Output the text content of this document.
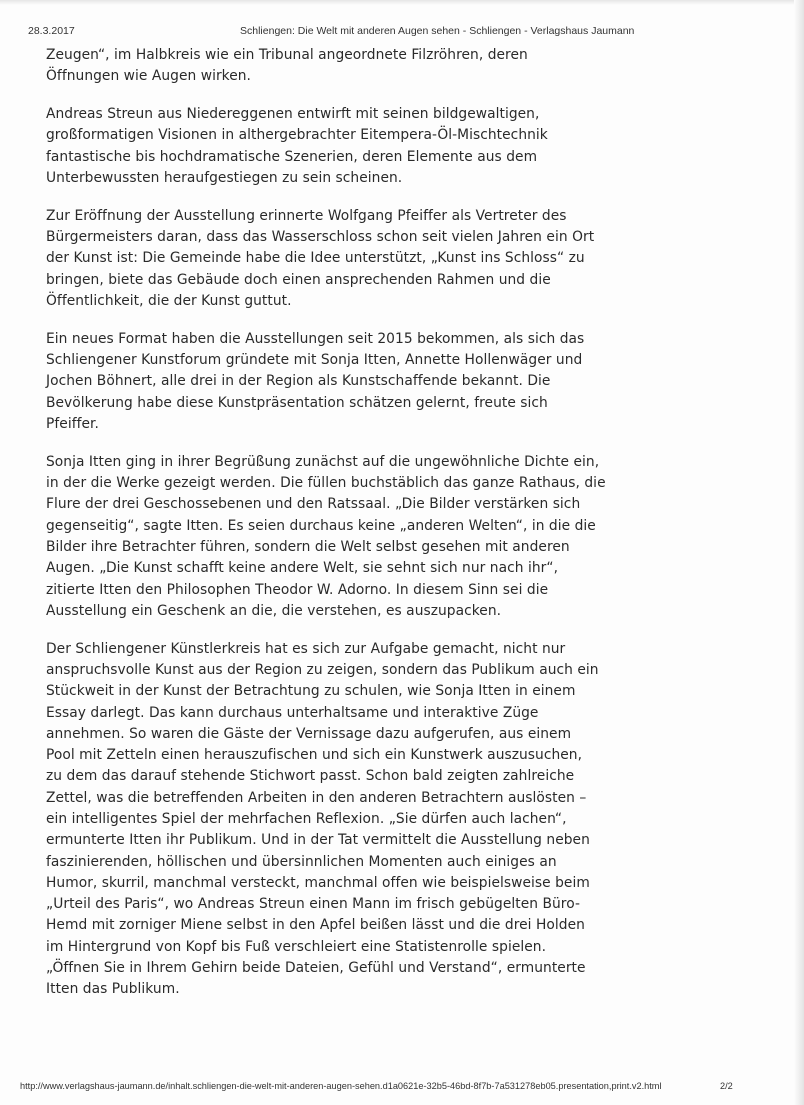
28.3.2017	Schliengen: Die Welt mit anderen Augen sehen - Schliengen - Verlagshaus Jaumann
Zeugen“, im Halbkreis wie ein Tribunal angeordnete Filzröhren, deren
Öffnungen wie Augen wirken.
Andreas Streun aus Niedereggenen entwirft mit seinen bildgewaltigen,
großformatigen Visionen in althergebrachter Eitempera-Öl-Mischtechnik
fantastische bis hochdramatische Szenerien, deren Elemente aus dem
Unterbewussten heraufgestiegen zu sein scheinen.
Zur Eröffnung der Ausstellung erinnerte Wolfgang Pfeiffer als Vertreter des
Bürgermeisters daran, dass das Wasserschloss schon seit vielen Jahren ein Ort
der Kunst ist: Die Gemeinde habe die Idee unterstützt, „Kunst ins Schloss“ zu
bringen, biete das Gebäude doch einen ansprechenden Rahmen und die
Öffentlichkeit, die der Kunst guttut.
Ein neues Format haben die Ausstellungen seit 2015 bekommen, als sich das
Schliengener Kunstforum gründete mit Sonja Itten, Annette Hollenwäger und
Jochen Böhnert, alle drei in der Region als Kunstschaffende bekannt. Die
Bevölkerung habe diese Kunstpräsentation schätzen gelernt, freute sich
Pfeiffer.
Sonja Itten ging in ihrer Begrüßung zunächst auf die ungewöhnliche Dichte ein,
in der die Werke gezeigt werden. Die füllen buchstäblich das ganze Rathaus, die
Flure der drei Geschossebenen und den Ratssaal. „Die Bilder verstärken sich
gegenseitig“, sagte Itten. Es seien durchaus keine „anderen Welten“, in die die
Bilder ihre Betrachter führen, sondern die Welt selbst gesehen mit anderen
Augen. „Die Kunst schafft keine andere Welt, sie sehnt sich nur nach ihr“,
zitierte Itten den Philosophen Theodor W. Adorno. In diesem Sinn sei die
Ausstellung ein Geschenk an die, die verstehen, es auszupacken.
Der Schliengener Künstlerkreis hat es sich zur Aufgabe gemacht, nicht nur
anspruchsvolle Kunst aus der Region zu zeigen, sondern das Publikum auch ein
Stückweit in der Kunst der Betrachtung zu schulen, wie Sonja Itten in einem
Essay darlegt. Das kann durchaus unterhaltsame und interaktive Züge
annehmen. So waren die Gäste der Vernissage dazu aufgerufen, aus einem
Pool mit Zetteln einen herauszufischen und sich ein Kunstwerk auszusuchen,
zu dem das darauf stehende Stichwort passt. Schon bald zeigten zahlreiche
Zettel, was die betreffenden Arbeiten in den anderen Betrachtern auslösten –
ein intelligentes Spiel der mehrfachen Reflexion. „Sie dürfen auch lachen“,
ermunterte Itten ihr Publikum. Und in der Tat vermittelt die Ausstellung neben
faszinierenden, höllischen und übersinnlichen Momenten auch einiges an
Humor, skurril, manchmal versteckt, manchmal offen wie beispielsweise beim
„Urteil des Paris“, wo Andreas Streun einen Mann im frisch gebügelten Büro-
Hemd mit zorniger Miene selbst in den Apfel beißen lässt und die drei Holden
im Hintergrund von Kopf bis Fuß verschleiert eine Statistenrolle spielen.
„Öffnen Sie in Ihrem Gehirn beide Dateien, Gefühl und Verstand“, ermunterte
Itten das Publikum.
http://www.verlagshaus-jaumann.de/inhalt.schliengen-die-welt-mit-anderen-augen-sehen.d1a0621e-32b5-46bd-8f7b-7a531278eb05.presentation,print.v2.html	2/2
